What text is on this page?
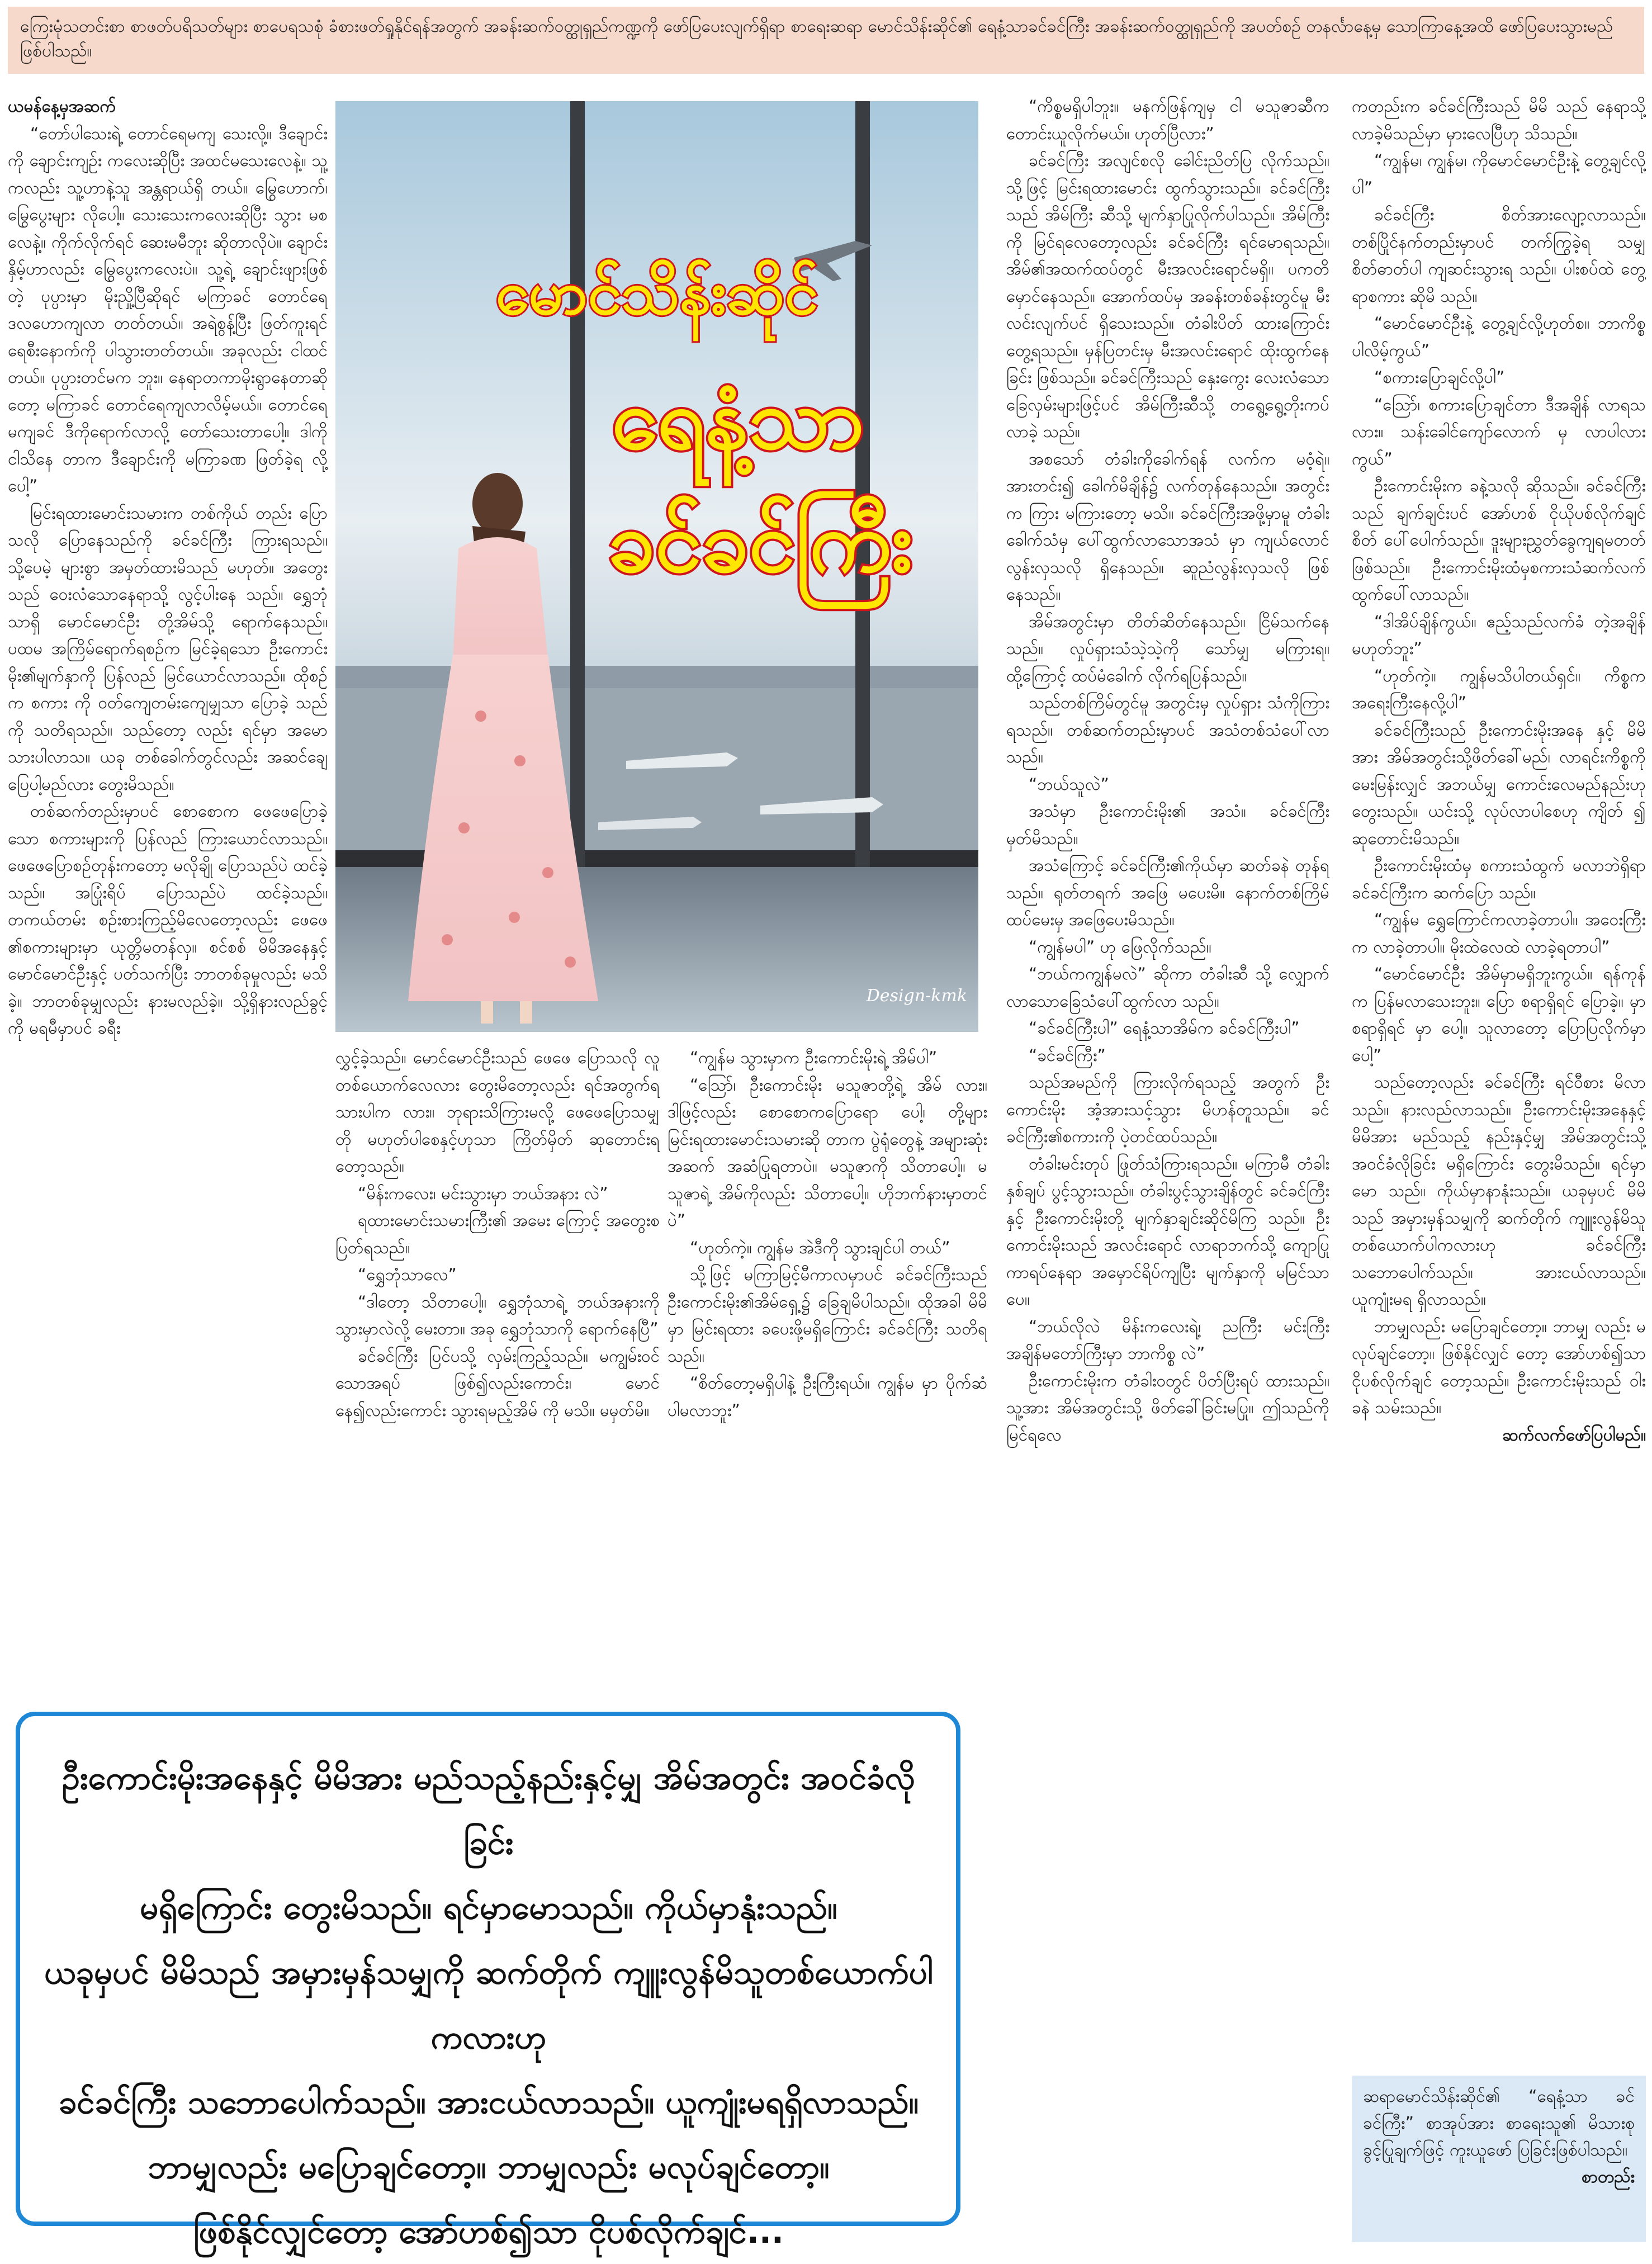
ကြေးမုံသတင်းစာ စာဖတ်ပရိသတ်များ စာပေရသစုံ ခံစားဖတ်ရှုနိုင်ရန်အတွက် အခန်းဆက်ဝတ္ထုရှည်ကဏ္ဍကို ဖော်ပြပေးလျက်ရှိရာ စာရေးဆရာ မောင်သိန်းဆိုင်၏ ရေနံ့သာခင်ခင်ကြီး အခန်းဆက်ဝတ္ထုရှည်ကို အပတ်စဉ် တနင်္လာနေ့မှ သောကြာနေ့အထိ ဖော်ပြပေးသွားမည် ဖြစ်ပါသည်။

ယမန်နေ့မှအဆက်

“တော်ပါသေးရဲ့ တောင်ရေမကျ သေးလို့။ ဒီချောင်းကို ချောင်းကျဉ်း ကလေးဆိုပြီး အထင်မသေးလေနဲ့။ သူ့ကလည်း သူ့ဟာနဲ့သူ အန္တရာယ်ရှိ တယ်။ မြွေဟောက်၊ မြွေပွေးများ လိုပေါ့။ သေးသေးကလေးဆိုပြီး သွား မစလေနဲ့။ ကိုက်လိုက်ရင် ဆေးမမီဘူး ဆိုတာလိုပဲ။ ချောင်းနှိမ့်ဟာလည်း မြွေပွေးကလေးပဲ။ သူ့ရဲ့ ချောင်းဖျားဖြစ်တဲ့ ပုပ္ပားမှာ မိုးညှို့ပြီဆိုရင် မကြာခင် တောင်ရေ ဒလဟောကျလာ တတ်တယ်။ အရဲစွန့်ပြီး ဖြတ်ကူးရင် ရေစီးနောက်ကို ပါသွားတတ်တယ်။ အခုလည်း ငါထင်တယ်။ ပုပ္ပားတင်မက ဘူး။ နေရာတကာမိုးရွာနေတာဆိုတော့ မကြာခင် တောင်ရေကျလာလိမ့်မယ်။ တောင်ရေမကျခင် ဒီကိုရောက်လာလို့ တော်သေးတာပေါ့။ ဒါကို ငါသိနေ တာက ဒီချောင်းကို မကြာခဏ ဖြတ်ခဲ့ရ လို့ပေါ့”

မြင်းရထားမောင်းသမားက တစ်ကိုယ် တည်း ပြောသလို ပြောနေသည်ကို ခင်ခင်ကြီး ကြားရသည်။ သို့ပေမဲ့ များစွာ အမှတ်ထားမိသည် မဟုတ်။ အတွေး သည် ဝေးလံသောနေရာသို့ လွင့်ပါးနေ သည်။ ရွှေဘုံသာရှိ မောင်မောင်ဦး တို့အိမ်သို့ ရောက်နေသည်။ ပထမ အကြိမ်ရောက်ရစဉ်က မြင်ခဲ့ရသော ဦးကောင်းမိုး၏မျက်နှာကို ပြန်လည် မြင်ယောင်လာသည်။ ထိုစဉ်က စကား ကို ဝတ်ကျေတမ်းကျေမျှသာ ပြောခဲ့ သည်ကို သတိရသည်။ သည်တော့ လည်း ရင်မှာ အမောသားပါလာသ။ ယခု တစ်ခေါက်တွင်လည်း အဆင်ချေ ပြေပါ့မည်လား တွေးမိသည်။

တစ်ဆက်တည်းမှာပင် စောစောက ဖေဖေပြောခဲ့သော စကားများကို ပြန်လည် ကြားယောင်လာသည်။ ဖေဖေပြောစဉ်တုန်းကတော့ မလိုချို ပြောသည်ပဲ ထင်ခဲ့သည်။ အပြုံးရိပ် ပြောသည်ပဲ ထင်ခဲ့သည်။ တကယ်တမ်း စဉ်းစားကြည့်မိလေတော့လည်း ဖေဖေ ၏စကားများမှာ ယုတ္တိမတန်လှ။ စင်စစ် မိမိအနေနှင့် မောင်မောင်ဦးနှင့် ပတ်သက်ပြီး ဘာတစ်ခုမှုလည်း မသိ ခဲ့။ ဘာတစ်ခုမျှလည်း နားမလည်ခဲ့။ သို့ရှိနားလည်ခွင့်ကို မရမီမှာပင် ခရီး

မောင်သိန်းဆိုင်
ရေနံ့သာ
ခင်ခင်ကြီး
Design-kmk

လွှင့်ခဲ့သည်။ မောင်မောင်ဦးသည် ဖေဖေ ပြောသလို လူတစ်ယောက်လေလား တွေးမိတော့လည်း ရင်အတွက်ရသားပါက လား။ ဘုရားသိကြားမလို့ ဖေဖေပြောသမျှ တို မဟုတ်ပါစေနှင့်ဟုသာ ကြိတ်မှိတ် ဆုတောင်းရတော့သည်။

“မိန်းကလေး၊ မင်းသွားမှာ ဘယ်အနား လဲ”

ရထားမောင်းသမားကြီး၏ အမေး ကြောင့် အတွေးစ ပြတ်ရသည်။

“ရွှေဘုံသာလေ”

“ဒါတော့ သိတာပေါ့။ ရွှေဘုံသာရဲ့ ဘယ်အနားကို သွားမှာလဲလို့ မေးတာ။ အခု ရွှေဘုံသာကို ရောက်နေပြီ”

ခင်ခင်ကြီး ပြင်ပသို့ လှမ်းကြည့်သည်။ မကျွမ်းဝင်သောအရပ် ဖြစ်၍လည်းကောင်း၊ မောင်နေ၍လည်းကောင်း သွားရမည့်အိမ် ကို မသိ။ မမှတ်မိ။

“ကျွန်မ သွားမှာက ဦးကောင်းမိုးရဲ့ အိမ်ပါ”

“ဩော်၊ ဦးကောင်းမိုး မသူဇာတို့ရဲ့ အိမ် လား။ ဒါဖြင့်လည်း စောစောကပြောရော ပေါ့၊ တို့များ မြင်းရထားမောင်းသမားဆို တာက ပွဲရုံတွေနဲ့ အများဆုံးအဆက် အဆံပြုရတာပဲ။ မသူဇာကို သိတာပေါ့။ မသူဇာရဲ့ အိမ်ကိုလည်း သိတာပေါ့။ ဟိုဘက်နားမှာတင်ပဲ”

“ဟုတ်ကဲ့။ ကျွန်မ အဲဒီကို သွားချင်ပါ တယ်”

သို့ဖြင့် မကြာမြင့်မီကာလမှာပင် ခင်ခင်ကြီးသည် ဦးကောင်းမိုး၏အိမ်ရှေ့၌ ခြေချမိပါသည်။ ထိုအခါ မိမိမှာ မြင်းရထား ခပေးဖို့မရှိကြောင်း ခင်ခင်ကြီး သတိရ သည်။

“စိတ်တော့မရှိပါနဲ့ ဦးကြီးရယ်။ ကျွန်မ မှာ ပိုက်ဆံပါမလာဘူး”

“ကိစ္စမရှိပါဘူး။ မနက်ဖြန်ကျမှ ငါ မသူဇာဆီက တောင်းယူလိုက်မယ်။ ဟုတ်ပြီလား”

ခင်ခင်ကြီး အလျင်စလို ခေါင်းညိတ်ပြ လိုက်သည်။ သို့ဖြင့် မြင်းရထားမောင်း ထွက်သွားသည်။ ခင်ခင်ကြီးသည် အိမ်ကြီး ဆီသို့ မျက်နှာပြုလိုက်ပါသည်။ အိမ်ကြီး ကို မြင်ရလေတော့လည်း ခင်ခင်ကြီး ရင်မောရသည်။ အိမ်၏အထက်ထပ်တွင် မီးအလင်းရောင်မရှိ။ ပကတိမှောင်နေသည်။ အောက်ထပ်မှ အခန်းတစ်ခန်းတွင်မူ မီးလင်းလျက်ပင် ရှိသေးသည်။ တံခါးပိတ် ထားကြောင်း တွေ့ရသည်။ မှန်ပြတင်းမှ မီးအလင်းရောင် ထိုးထွက်နေခြင်း ဖြစ်သည်။ ခင်ခင်ကြီးသည် နှေးကွေး လေးလံသော ခြေလှမ်းများဖြင့်ပင် အိမ်ကြီးဆီသို့ တရွေ့ရွေ့တိုးကပ်လာခဲ့ သည်။

အစသော် တံခါးကိုခေါက်ရန် လက်က မဝံ့ရဲ။ အားတင်း၍ ခေါက်မိချိန်၌ လက်တုန်နေသည်။ အတွင်းက ကြား မကြားတော့ မသိ။ ခင်ခင်ကြီးအဖို့မှာမူ တံခါးခေါက်သံမှ ပေါ်ထွက်လာသောအသံ မှာ ကျယ်လောင်လွန်းလှသလို ရှိနေသည်။ ဆူညံလွန်းလှသလို ဖြစ်နေသည်။

အိမ်အတွင်းမှာ တိတ်ဆိတ်နေသည်။ ငြိမ်သက်နေသည်။ လှုပ်ရှားသံသဲ့သဲ့ကို သော်မျှ မကြားရ။ ထို့ကြောင့် ထပ်မံခေါက် လိုက်ရပြန်သည်။

သည်တစ်ကြိမ်တွင်မူ အတွင်းမှ လှုပ်ရှား သံကိုကြားရသည်။ တစ်ဆက်တည်းမှာပင် အသံတစ်သံပေါ်လာသည်။

“ဘယ်သူလဲ”

အသံမှာ ဦးကောင်းမိုး၏ အသံ။ ခင်ခင်ကြီး မှတ်မိသည်။

အသံကြောင့် ခင်ခင်ကြီး၏ကိုယ်မှာ ဆတ်ခနဲ တုန်ရသည်။ ရုတ်တရက် အဖြေ မပေးမိ။ နောက်တစ်ကြိမ် ထပ်မေးမှ အဖြေပေးမိသည်။

“ကျွန်မပါ” ဟု ဖြေလိုက်သည်။

“ဘယ်ကကျွန်မလဲ” ဆိုကာ တံခါးဆီ သို့ လျှောက်လာသောခြေသံပေါ်ထွက်လာ သည်။

“ခင်ခင်ကြီးပါ” ရေနံ့သာအိမ်က ခင်ခင်ကြီးပါ”

“ခင်ခင်ကြီး”

သည်အမည်ကို ကြားလိုက်ရသည့် အတွက် ဦးကောင်းမိုး အံ့အားသင့်သွား မိဟန်တူသည်။ ခင်ခင်ကြီး၏စကားကို ပဲ့တင်ထပ်သည်။

တံခါးမင်းတုပ် ဖြုတ်သံကြားရသည်။ မကြာမီ တံခါးနှစ်ချပ် ပွင့်သွားသည်။ တံခါးပွင့်သွားချိန်တွင် ခင်ခင်ကြီးနှင့် ဦးကောင်းမိုးတို့ မျက်နှာချင်းဆိုင်မိကြ သည်။ ဦးကောင်းမိုးသည် အလင်းရောင် လာရာဘက်သို့ ကျောပြုကာရပ်နေရာ အမှောင်ရိပ်ကျပြီး မျက်နှာကို မမြင်သာ ပေ။

“ဘယ်လိုလဲ မိန်းကလေးရဲ့၊ ညကြီး မင်းကြီး အချိန်မတော်ကြီးမှာ ဘာကိစ္စ လဲ”

ဦးကောင်းမိုးက တံခါးဝတွင် ပိတ်ပြီးရပ် ထားသည်။ သူ့အား အိမ်အတွင်းသို့ ဖိတ်ခေါ်ခြင်းမပြု။ ဤသည်ကိုမြင်ရလေ

ကတည်းက ခင်ခင်ကြီးသည် မိမိ သည် နေရာသို့လာခဲ့မိသည်မှာ မှားလေပြီဟု သိသည်။

“ကျွန်မ၊ ကျွန်မ၊ ကိုမောင်မောင်ဦးနဲ့ တွေ့ချင်လို့ပါ”

ခင်ခင်ကြီး စိတ်အားလျော့လာသည်။ တစ်ပြိုင်နက်တည်းမှာပင် တက်ကြွခဲ့ရ သမျှ စိတ်ဓာတ်ပါ ကျဆင်းသွားရ သည်။ ပါးစပ်ထဲ တွေ့ရာစကား ဆိုမိ သည်။

“မောင်မောင်ဦးနဲ့ တွေ့ချင်လို့ဟုတ်စ။ ဘာကိစ္စပါလိမ့်ကွယ်”

“စကားပြောချင်လို့ပါ”

“ဩော်၊ စကားပြောချင်တာ ဒီအချိန် လာရသလား။ သန်းခေါင်ကျော်လောက် မှ လာပါလားကွယ်”

ဦးကောင်းမိုးက ခနဲ့သလို ဆိုသည်။ ခင်ခင်ကြီးသည် ချက်ချင်းပင် အော်ဟစ် ငိုယိုပစ်လိုက်ချင်စိတ် ပေါ်ပေါက်သည်။ ဒူးများညွှတ်ခွေကျရမတတ်ဖြစ်သည်။ ဦးကောင်းမိုးထံမှစကားသံဆက်လက် ထွက်ပေါ်လာသည်။

“ဒါအိပ်ချိန်ကွယ်။ ဧည့်သည်လက်ခံ တဲ့အချိန် မဟုတ်ဘူး”

“ဟုတ်ကဲ့။ ကျွန်မသိပါတယ်ရှင်။ ကိစ္စက အရေးကြီးနေလို့ပါ”

ခင်ခင်ကြီးသည် ဦးကောင်းမိုးအနေ နှင့် မိမိအား အိမ်အတွင်းသို့ဖိတ်ခေါ်မည်၊ လာရင်းကိစ္စကို မေးမြန်းလျှင် အဘယ်မျှ ကောင်းလေမည်နည်းဟု တွေးသည်။ ယင်းသို့ လုပ်လာပါစေဟု ကျိတ် ၍ ဆုတောင်းမိသည်။

ဦးကောင်းမိုးထံမှ စကားသံထွက် မလာဘဲရှိရာ ခင်ခင်ကြီးက ဆက်ပြော သည်။

“ကျွန်မ ရွှေကြောင်ကလာခဲ့တာပါ။ အဝေးကြီးက လာခဲ့တာပါ။ မိုးထဲလေထဲ လာခဲ့ရတာပါ”

“မောင်မောင်ဦး အိမ်မှာမရှိဘူးကွယ်။ ရန်ကုန်က ပြန်မလာသေးဘူး။ ပြော စရာရှိရင် ပြောခဲ့။ မှာစရာရှိရင် မှာ ပေါ့။ သူလာတော့ ပြောပြလိုက်မှာပေါ့”

သည်တော့လည်း ခင်ခင်ကြီး ရင်ဝီစား မိလာသည်။ နားလည်လာသည်။ ဦးကောင်းမိုးအနေနှင့် မိမိအား မည်သည့် နည်းနှင့်မျှ အိမ်အတွင်းသို့ အဝင်ခံလိုခြင်း မရှိကြောင်း တွေးမိသည်။ ရင်မှာမော သည်။ ကိုယ်မှာနာနုံးသည်။ ယခုမှပင် မိမိ သည် အမှားမှန်သမျှကို ဆက်တိုက် ကျူးလွန်မိသူတစ်ယောက်ပါကလားဟု ခင်ခင်ကြီး သဘောပေါက်သည်။ အားငယ်လာသည်။ ယူကျုံးမရ ရှိလာသည်။

ဘာမျှလည်း မပြောချင်တော့။ ဘာမျှ လည်း မလုပ်ချင်တော့။ ဖြစ်နိုင်လျှင် တော့ အော်ဟစ်၍သာ ငိုပစ်လိုက်ချင် တော့သည်။ ဦးကောင်းမိုးသည် ဝါးခနဲ သမ်းသည်။

ဆက်လက်ဖော်ပြပါမည်။

ဆရာမောင်သိန်းဆိုင်၏ “ရေနံ့သာ ခင်ခင်ကြီး” စာအုပ်အား စာရေးသူ၏ မိသားစု ခွင့်ပြုချက်ဖြင့် ကူးယူဖော် ပြခြင်းဖြစ်ပါသည်။
စာတည်း
ဦးကောင်းမိုးအနေနှင့် မိမိအား မည်သည့်နည်းနှင့်မျှ အိမ်အတွင်း အဝင်ခံလိုခြင်း
မရှိကြောင်း တွေးမိသည်။ ရင်မှာမောသည်။ ကိုယ်မှာနုံးသည်။
ယခုမှပင် မိမိသည် အမှားမှန်သမျှကို ဆက်တိုက် ကျူးလွန်မိသူတစ်ယောက်ပါကလားဟု
ခင်ခင်ကြီး သဘောပေါက်သည်။ အားငယ်လာသည်။ ယူကျုံးမရရှိလာသည်။
ဘာမျှလည်း မပြောချင်တော့။ ဘာမျှလည်း မလုပ်ချင်တော့။
ဖြစ်နိုင်လျှင်တော့ အော်ဟစ်၍သာ ငိုပစ်လိုက်ချင်...
